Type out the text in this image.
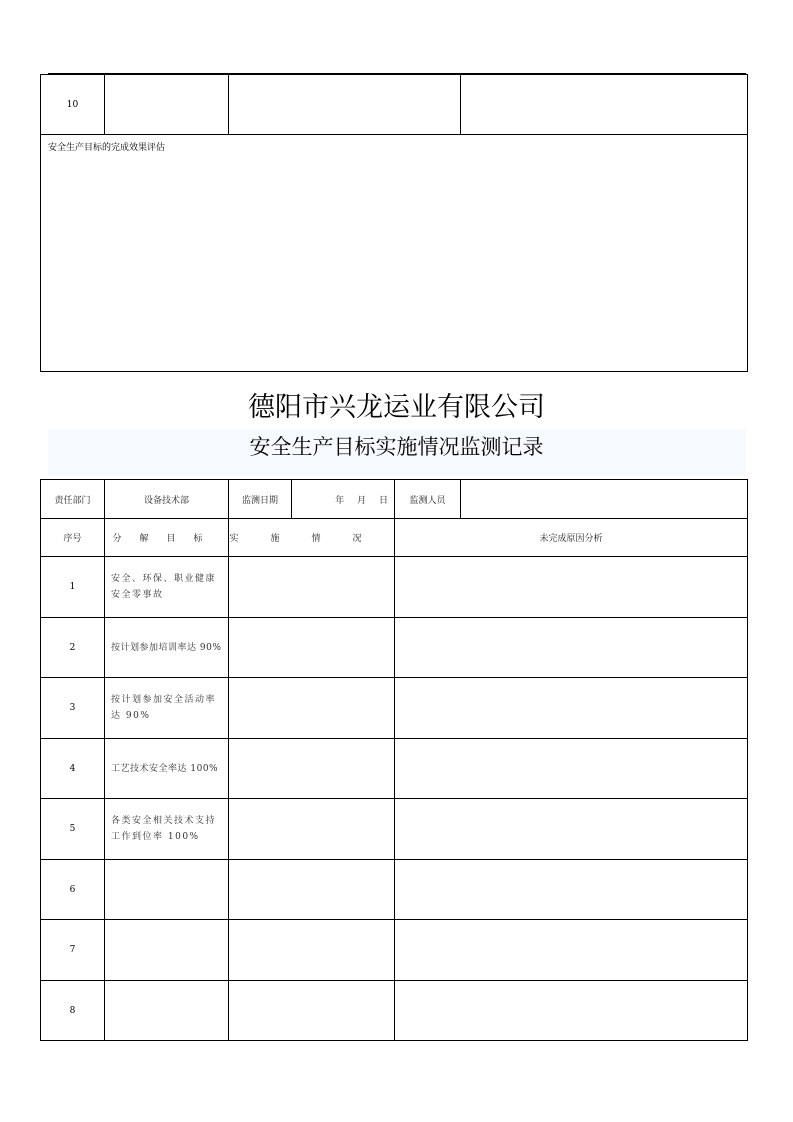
10			
安全生产目标的完成效果评估
德阳市兴龙运业有限公司
安全生产目标实施情况监测记录
责任部门	设备技术部	监测日期	年 月 日	监测人员	
序号	分解目标	实施情况		未完成原因分析	
1	安全、环保、职业健康安全零事故				
2	按计划参加培训率达 90%				
3	按计划参加安全活动率达 90%				
4	工艺技术安全率达 100%				
5	各类安全相关技术支持工作到位率 100%				
6					
7					
8					
